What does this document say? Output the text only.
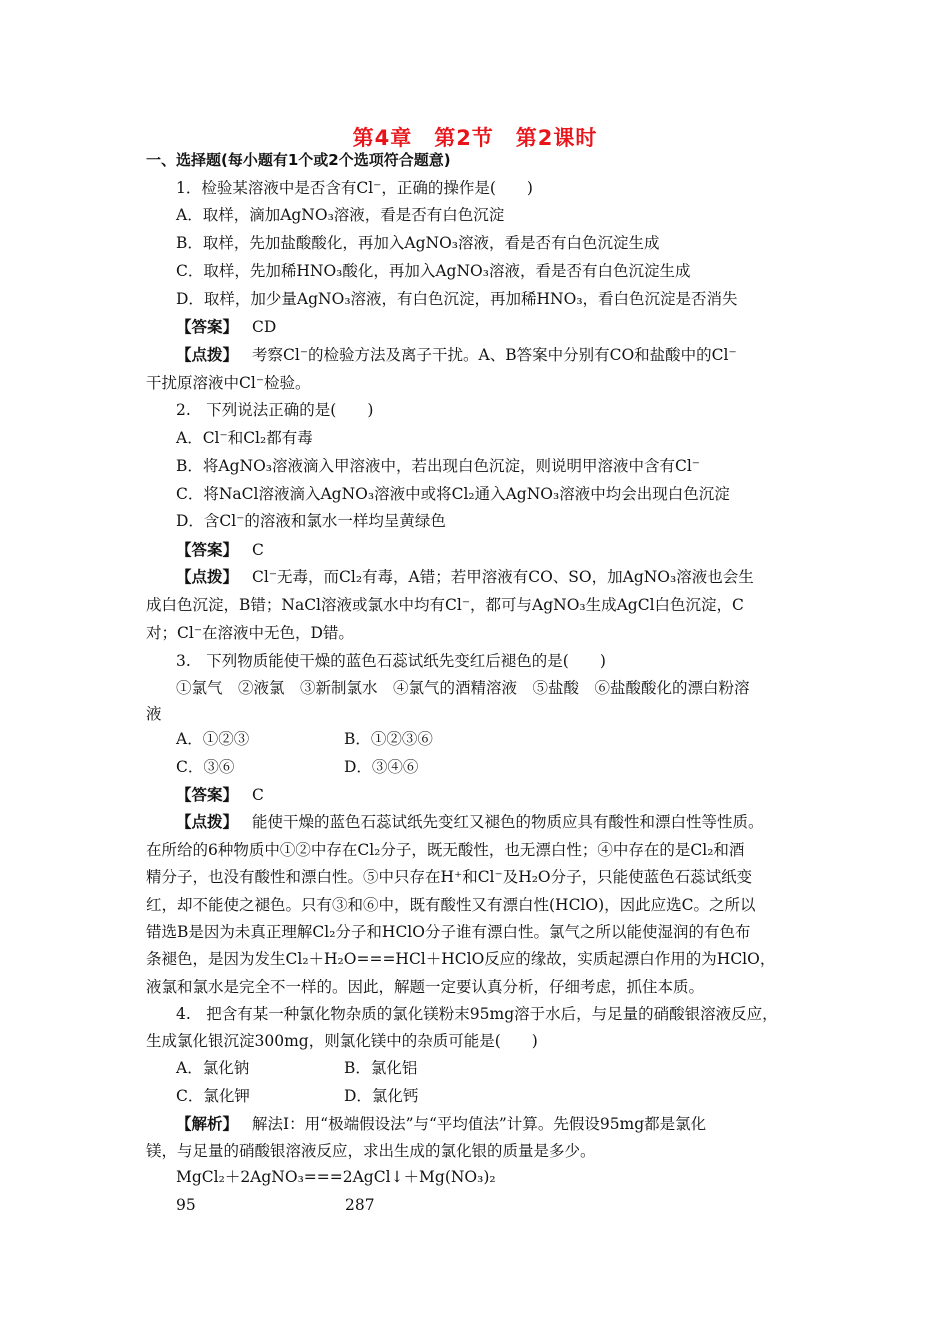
第4章　第2节　第2课时
一、选择题(每小题有1个或2个选项符合题意)
1．检验某溶液中是否含有Cl⁻，正确的操作是(　　)
A．取样，滴加AgNO₃溶液，看是否有白色沉淀
B．取样，先加盐酸酸化，再加入AgNO₃溶液，看是否有白色沉淀生成
C．取样，先加稀HNO₃酸化，再加入AgNO₃溶液，看是否有白色沉淀生成
D．取样，加少量AgNO₃溶液，有白色沉淀，再加稀HNO₃，看白色沉淀是否消失
【答案】 CD
【点拨】 考察Cl⁻的检验方法及离子干扰。A、B答案中分别有CO和盐酸中的Cl⁻
干扰原溶液中Cl⁻检验。
2.　下列说法正确的是(　　)
A．Cl⁻和Cl₂都有毒
B．将AgNO₃溶液滴入甲溶液中，若出现白色沉淀，则说明甲溶液中含有Cl⁻
C．将NaCl溶液滴入AgNO₃溶液中或将Cl₂通入AgNO₃溶液中均会出现白色沉淀
D．含Cl⁻的溶液和氯水一样均呈黄绿色
【答案】 C
【点拨】 Cl⁻无毒，而Cl₂有毒，A错；若甲溶液有CO、SO，加AgNO₃溶液也会生
成白色沉淀，B错；NaCl溶液或氯水中均有Cl⁻，都可与AgNO₃生成AgCl白色沉淀，C
对；Cl⁻在溶液中无色，D错。
3.　下列物质能使干燥的蓝色石蕊试纸先变红后褪色的是(　　)
①氯气　②液氯　③新制氯水　④氯气的酒精溶液　⑤盐酸　⑥盐酸酸化的漂白粉溶
液
A．①②③	B．①②③⑥
C．③⑥	D．③④⑥
【答案】 C
【点拨】 能使干燥的蓝色石蕊试纸先变红又褪色的物质应具有酸性和漂白性等性质。
在所给的6种物质中①②中存在Cl₂分子，既无酸性，也无漂白性；④中存在的是Cl₂和酒
精分子，也没有酸性和漂白性。⑤中只存在H⁺和Cl⁻及H₂O分子，只能使蓝色石蕊试纸变
红，却不能使之褪色。只有③和⑥中，既有酸性又有漂白性(HClO)，因此应选C。之所以
错选B是因为未真正理解Cl₂分子和HClO分子谁有漂白性。氯气之所以能使湿润的有色布
条褪色，是因为发生Cl₂＋H₂O===HCl＋HClO反应的缘故，实质起漂白作用的为HClO，
液氯和氯水是完全不一样的。因此，解题一定要认真分析，仔细考虑，抓住本质。
4.　把含有某一种氯化物杂质的氯化镁粉末95mg溶于水后，与足量的硝酸银溶液反应，
生成氯化银沉淀300mg，则氯化镁中的杂质可能是(　　)
A．氯化钠	B．氯化铝
C．氯化钾	D．氯化钙
【解析】 解法Ⅰ：用“极端假设法”与“平均值法”计算。先假设95mg都是氯化
镁，与足量的硝酸银溶液反应，求出生成的氯化银的质量是多少。
MgCl₂＋2AgNO₃===2AgCl↓＋Mg(NO₃)₂
95	287
